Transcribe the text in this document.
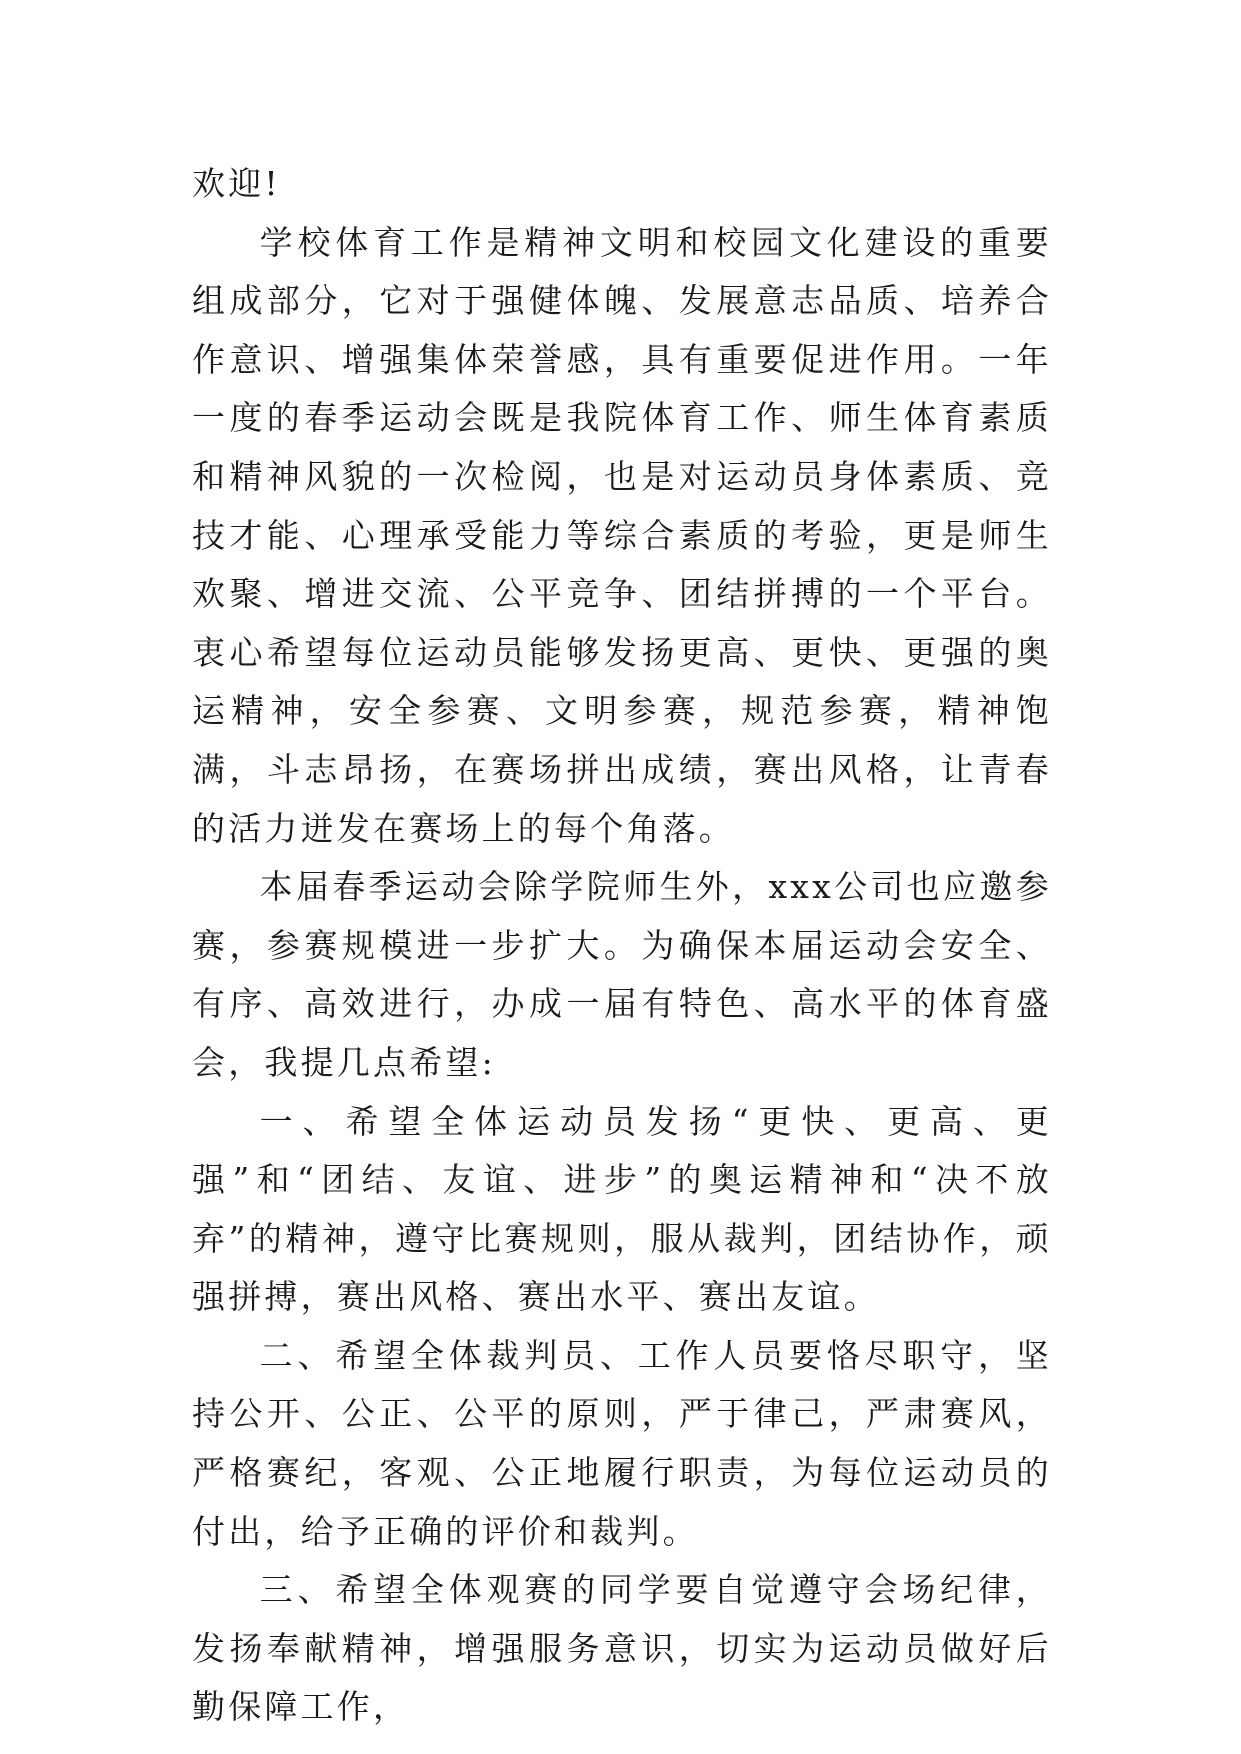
欢迎!

学校体育工作是精神文明和校园文化建设的重要组成部分，它对于强健体魄、发展意志品质、培养合作意识、增强集体荣誉感，具有重要促进作用。一年一度的春季运动会既是我院体育工作、师生体育素质和精神风貌的一次检阅，也是对运动员身体素质、竞技才能、心理承受能力等综合素质的考验，更是师生欢聚、增进交流、公平竞争、团结拼搏的一个平台。衷心希望每位运动员能够发扬更高、更快、更强的奥运精神，安全参赛、文明参赛，规范参赛，精神饱满，斗志昂扬，在赛场拼出成绩，赛出风格，让青春的活力迸发在赛场上的每个角落。

本届春季运动会除学院师生外，xxx公司也应邀参赛，参赛规模进一步扩大。为确保本届运动会安全、有序、高效进行，办成一届有特色、高水平的体育盛会，我提几点希望:

一、希望全体运动员发扬“更快、更高、更强”和“团结、友谊、进步”的奥运精神和“决不放弃”的精神，遵守比赛规则，服从裁判，团结协作，顽强拼搏，赛出风格、赛出水平、赛出友谊。

二、希望全体裁判员、工作人员要恪尽职守，坚持公开、公正、公平的原则，严于律己，严肃赛风，严格赛纪，客观、公正地履行职责，为每位运动员的付出，给予正确的评价和裁判。

三、希望全体观赛的同学要自觉遵守会场纪律，发扬奉献精神，增强服务意识，切实为运动员做好后勤保障工作，
